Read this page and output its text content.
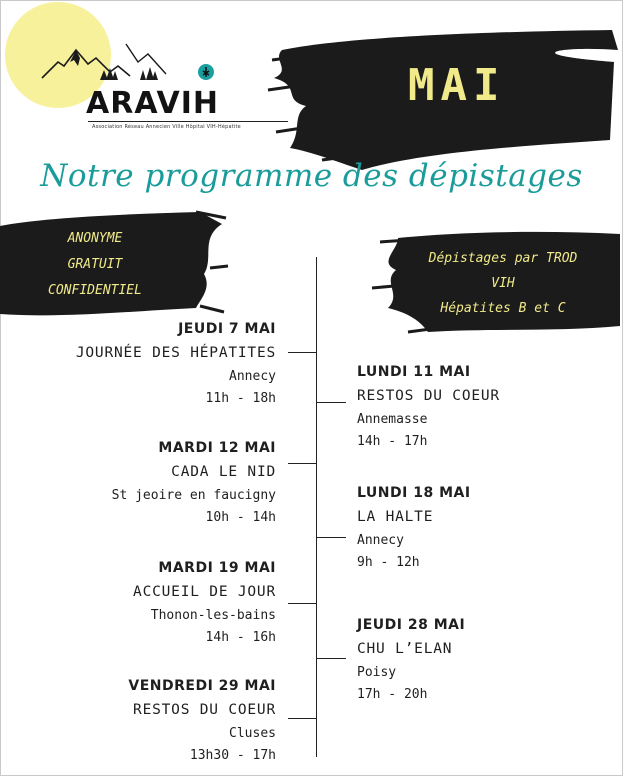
ARAVIH
Association Réseau Annecien Ville Hôpital VIH-Hépatite
MAI
Notre programme des dépistages
ANONYME
GRATUIT
CONFIDENTIEL
Dépistages par TROD
VIH
Hépatites B et C
JEUDI 7 MAI
JOURNÉE DES HÉPATITES
Annecy
11h - 18h
MARDI 12 MAI
CADA LE NID
St jeoire en faucigny
10h - 14h
MARDI 19 MAI
ACCUEIL DE JOUR
Thonon-les-bains
14h - 16h
VENDREDI 29 MAI
RESTOS DU COEUR
Cluses
13h30 - 17h
LUNDI 11 MAI
RESTOS DU COEUR
Annemasse
14h - 17h
LUNDI 18 MAI
LA HALTE
Annecy
9h - 12h
JEUDI 28 MAI
CHU L’ELAN
Poisy
17h - 20h
